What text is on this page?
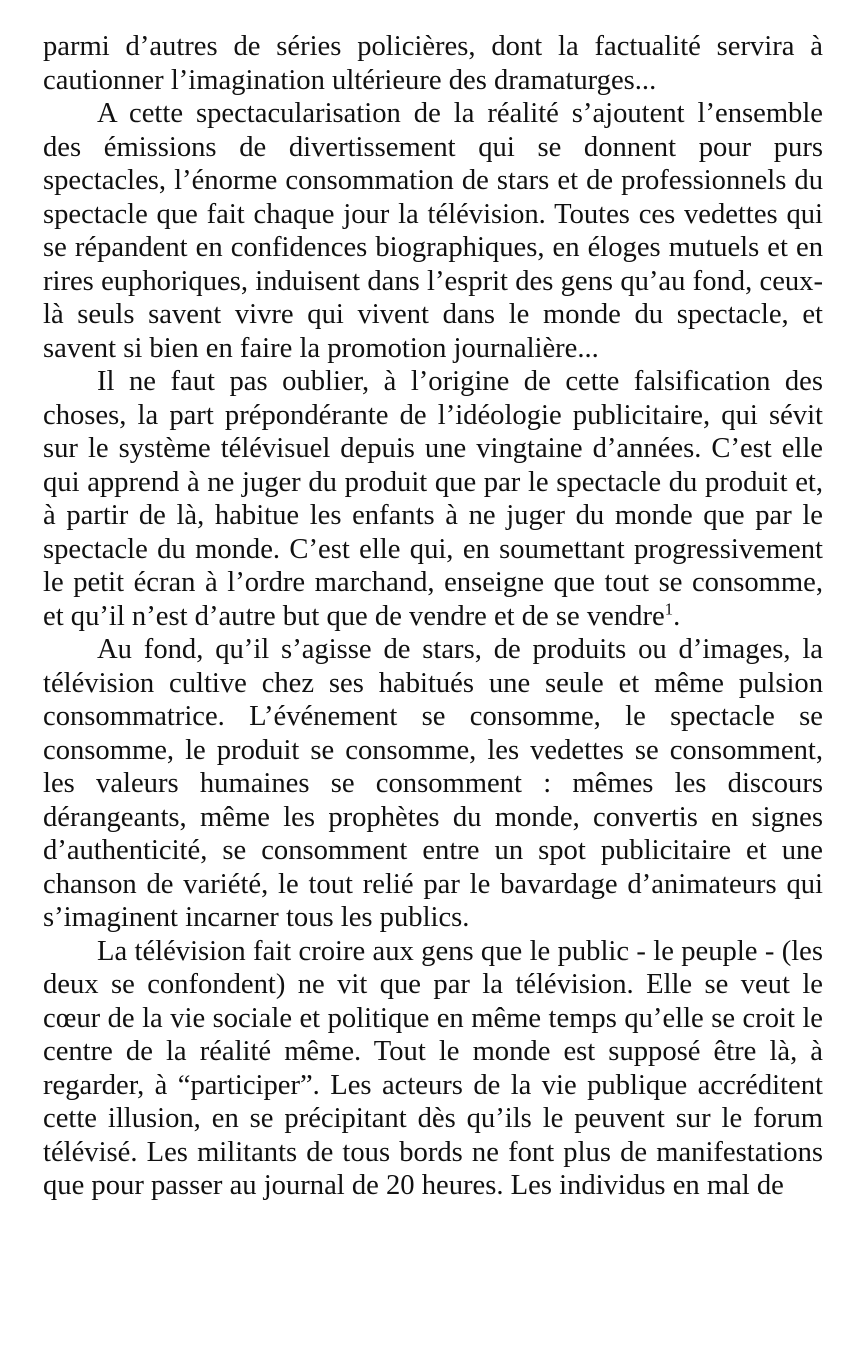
parmi d’autres de séries policières, dont la factualité servira à cautionner l’imagination ultérieure des dramaturges...

A cette spectacularisation de la réalité s’ajoutent l’ensemble des émissions de divertissement qui se donnent pour purs spectacles, l’énorme consommation de stars et de professionnels du spectacle que fait chaque jour la télévision. Toutes ces vedettes qui se répandent en confidences biographiques, en éloges mutuels et en rires euphoriques, induisent dans l’esprit des gens qu’au fond, ceux-là seuls savent vivre qui vivent dans le monde du spectacle, et savent si bien en faire la promotion journalière...

Il ne faut pas oublier, à l’origine de cette falsification des choses, la part prépondérante de l’idéologie publicitaire, qui sévit sur le système télévisuel depuis une vingtaine d’années. C’est elle qui apprend à ne juger du produit que par le spectacle du produit et, à partir de là, habitue les enfants à ne juger du monde que par le spectacle du monde. C’est elle qui, en soumettant progressivement le petit écran à l’ordre marchand, enseigne que tout se consomme, et qu’il n’est d’autre but que de vendre et de se vendre$^1$.

Au fond, qu’il s’agisse de stars, de produits ou d’images, la télévision cultive chez ses habitués une seule et même pulsion consommatrice. L’événement se consomme, le spectacle se consomme, le produit se consomme, les vedettes se consomment, les valeurs humaines se consomment : mêmes les discours dérangeants, même les prophètes du monde, convertis en signes d’authenticité, se consomment entre un spot publicitaire et une chanson de variété, le tout relié par le bavardage d’animateurs qui s’imaginent incarner tous les publics.

La télévision fait croire aux gens que le public - le peuple - (les deux se confondent) ne vit que par la télévision. Elle se veut le cœur de la vie sociale et politique en même temps qu’elle se croit le centre de la réalité même. Tout le monde est supposé être là, à regarder, à “participer”. Les acteurs de la vie publique accréditent cette illusion, en se précipitant dès qu’ils le peuvent sur le forum télévisé. Les militants de tous bords ne font plus de manifestations que pour passer au journal de 20 heures. Les individus en mal de
